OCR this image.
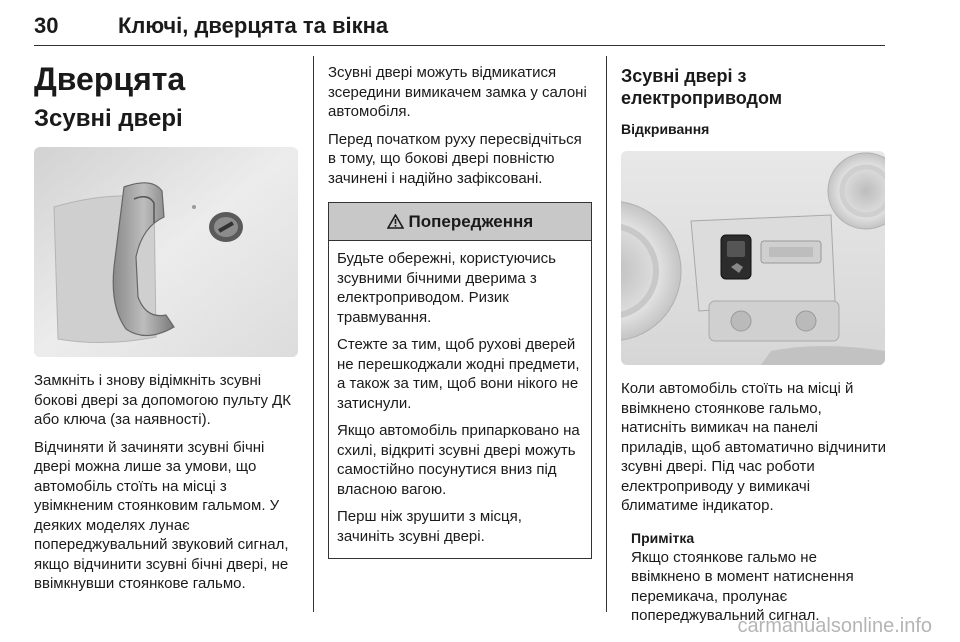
30	Ключі, дверцята та вікна
Дверцята
Зсувні двері

Замкніть і знову відімкніть зсувні бокові двері за допомогою пульту ДК або ключа (за наявності).

Відчиняти й зачиняти зсувні бічні двері можна лише за умови, що автомобіль стоїть на місці з увімкненим стоянковим гальмом. У деяких моделях лунає попереджувальний звуковий сигнал, якщо відчинити зсувні бічні двері, не ввімкнувши стоянкове гальмо.

Зсувні двері можуть відмикатися зсередини вимикачем замка у салоні автомобіля.

Перед початком руху пересвідчіться в тому, що бокові двері повністю зачинені і надійно зафіксовані.

Попередження

Будьте обережні, користуючись зсувними бічними дверима з електроприводом. Ризик травмування.

Стежте за тим, щоб рухові дверей не перешкоджали жодні предмети, а також за тим, щоб вони нікого не затиснули.

Якщо автомобіль припарковано на схилі, відкриті зсувні двері можуть самостійно посунутися вниз під власною вагою.

Перш ніж зрушити з місця, зачиніть зсувні двері.

Зсувні двері з електроприводом
Відкривання

Коли автомобіль стоїть на місці й ввімкнено стоянкове гальмо, натисніть вимикач на панелі приладів, щоб автоматично відчинити зсувні двері. Під час роботи електроприводу у вимикачі блиматиме індикатор.

Примітка

Якщо стоянкове гальмо не ввімкнено в момент натиснення перемикача, пролунає попереджувальний сигнал.

carmanualsonline.info
